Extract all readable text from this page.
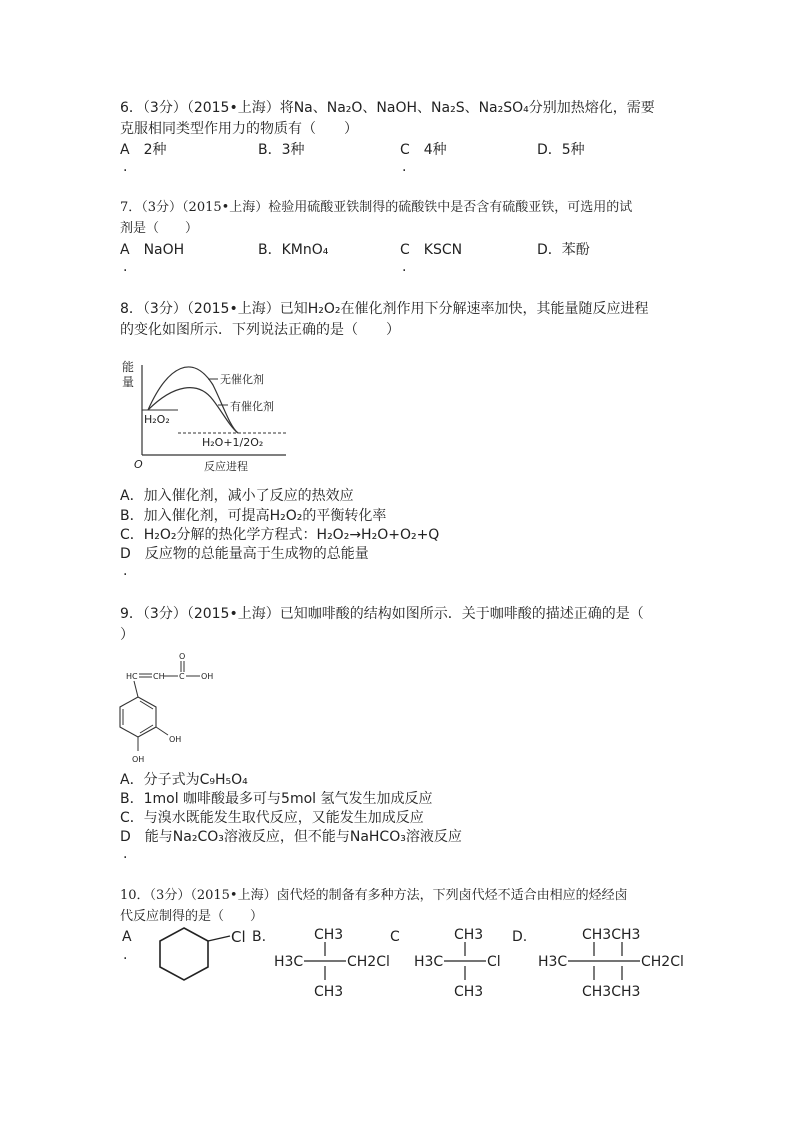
6．（3分）（2015•上海）将Na、Na₂O、NaOH、Na₂S、Na₂SO₄分别加热熔化，需要
克服相同类型作用力的物质有（　　）
A　2种	B．3种	C　4种	D．5种
.	.
7．（3分）（2015•上海）检验用硫酸亚铁制得的硫酸铁中是否含有硫酸亚铁，可选用的试
剂是（　　）
A　NaOH	B．KMnO₄	C　KSCN	D．苯酚
.	.
8．（3分）（2015•上海）已知H₂O₂在催化剂作用下分解速率加快，其能量随反应进程
的变化如图所示．下列说法正确的是（　　）
能
量
H₂O₂
无催化剂
有催化剂
H₂O+1/2O₂
O	反应进程
A．加入催化剂，减小了反应的热效应
B．加入催化剂，可提高H₂O₂的平衡转化率
C．H₂O₂分解的热化学方程式：H₂O₂→H₂O+O₂+Q
D　反应物的总能量高于生成物的总能量
.
9．（3分）（2015•上海）已知咖啡酸的结构如图所示．关于咖啡酸的描述正确的是（
）
O
C OH
HC CH
OH
OH
A．分子式为C₉H₅O₄
B．1mol 咖啡酸最多可与5mol 氢气发生加成反应
C．与溴水既能发生取代反应，又能发生加成反应
D　能与Na₂CO₃溶液反应，但不能与NaHCO₃溶液反应
.
10．（3分）（2015•上海）卤代烃的制备有多种方法，下列卤代烃不适合由相应的烃经卤
代反应制得的是（　　）
A
.
B.	C	D.
Cl	CH3
H3C	CH2Cl
CH3
CH3
H3C	Cl
CH3
CH3CH3
H3C	CH2Cl
CH3CH3
